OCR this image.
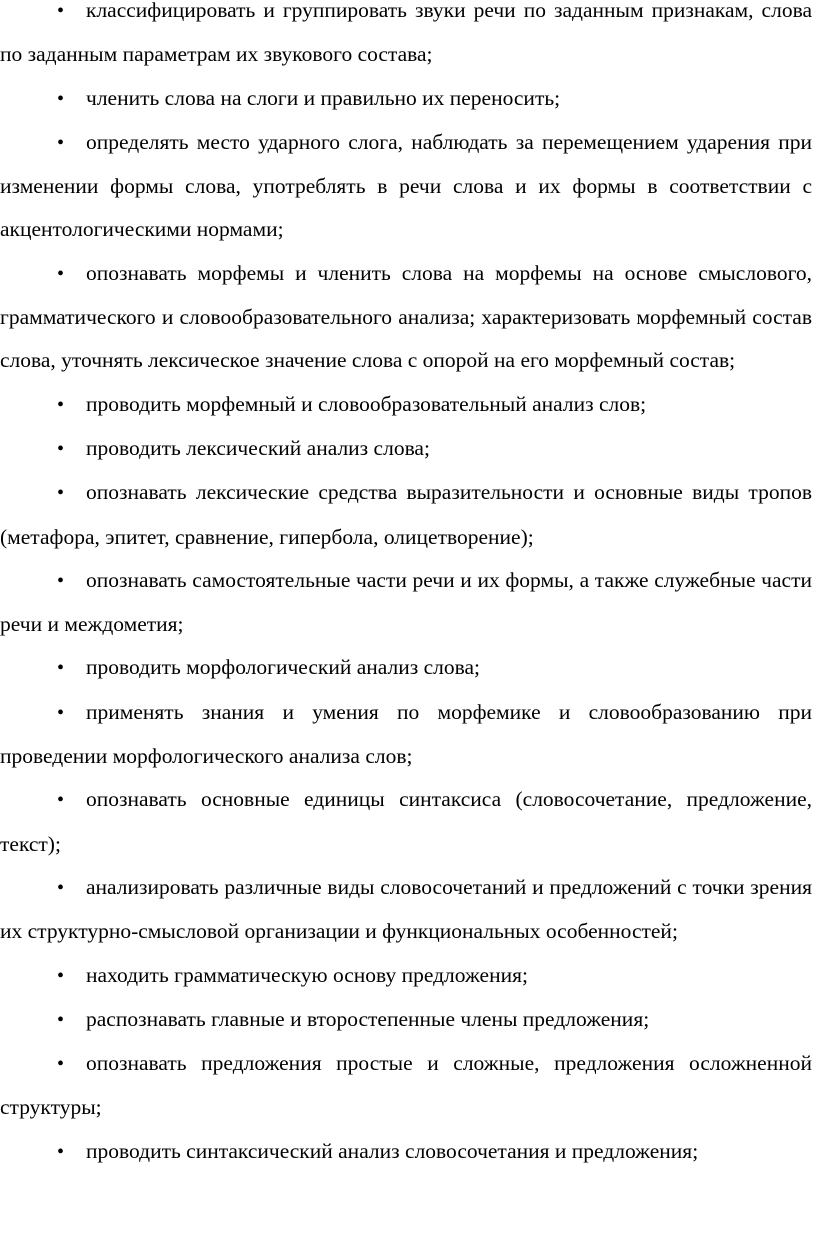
• классифицировать и группировать звуки речи по заданным признакам, слова по заданным параметрам их звукового состава;

• членить слова на слоги и правильно их переносить;

• определять место ударного слога, наблюдать за перемещением ударения при изменении формы слова, употреблять в речи слова и их формы в соответствии с акцентологическими нормами;

• опознавать морфемы и членить слова на морфемы на основе смыслового, грамматического и словообразовательного анализа; характеризовать морфемный состав слова, уточнять лексическое значение слова с опорой на его морфемный состав;

• проводить морфемный и словообразовательный анализ слов;

• проводить лексический анализ слова;

• опознавать лексические средства выразительности и основные виды тропов (метафора, эпитет, сравнение, гипербола, олицетворение);

• опознавать самостоятельные части речи и их формы, а также служебные части речи и междометия;

• проводить морфологический анализ слова;

• применять знания и умения по морфемике и словообразованию при проведении морфологического анализа слов;

• опознавать основные единицы синтаксиса (словосочетание, предложение, текст);

• анализировать различные виды словосочетаний и предложений с точки зрения их структурно-смысловой организации и функциональных особенностей;

• находить грамматическую основу предложения;

• распознавать главные и второстепенные члены предложения;

• опознавать предложения простые и сложные, предложения осложненной структуры;

• проводить синтаксический анализ словосочетания и предложения;
